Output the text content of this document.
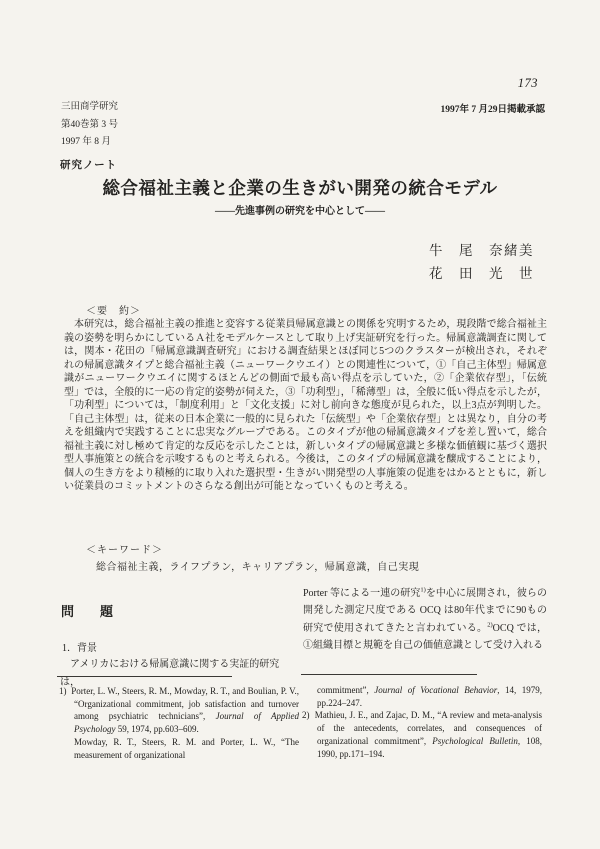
173
三田商学研究
第40巻第 3 号
1997 年 8 月
1997年 7 月29日掲載承認
研究ノート
総合福祉主義と企業の生きがい開発の統合モデル
——先進事例の研究を中心として——
牛　尾　奈緒美
花　田　光　世
＜要　約＞
本研究は，総合福祉主義の推進と変容する従業員帰属意識との関係を究明するため，現段階で総合福祉主義の姿勢を明らかにしているＡ社をモデルケースとして取り上げ実証研究を行った。帰属意識調査に関しては，関本・花田の「帰属意識調査研究」における調査結果とほぼ同じ5つのクラスターが検出され，それぞれの帰属意識タイプと総合福祉主義（ニューワークウエイ）との関連性について，①「自己主体型」帰属意識がニューワークウエイに関するほとんどの側面で最も高い得点を示していた，②「企業依存型」，「伝統型」では，全般的に一応の肯定的姿勢が伺えた，③「功利型」，「稀薄型」は，全般に低い得点を示したが，「功利型」については，「制度利用」と「文化支援」に対し前向きな態度が見られた，以上3点が判明した。「自己主体型」は，従来の日本企業に一般的に見られた「伝統型」や「企業依存型」とは異なり，自分の考えを組織内で実践することに忠実なグループである。このタイプが他の帰属意識タイプを差し置いて，総合福祉主義に対し極めて肯定的な反応を示したことは，新しいタイプの帰属意識と多様な価値観に基づく選択型人事施策との統合を示唆するものと考えられる。今後は，このタイプの帰属意識を醸成することにより，個人の生き方をより積極的に取り入れた選択型・生きがい開発型の人事施策の促進をはかるとともに，新しい従業員のコミットメントのさらなる創出が可能となっていくものと考える。
＜キーワード＞
総合福祉主義，ライフプラン，キャリアプラン，帰属意識，自己実現
問　　題
1．背景

アメリカにおける帰属意識に関する実証的研究は，

Porter 等による一連の研究$^{1)}$を中心に展開され，彼らの開発した測定尺度である OCQ は80年代までに90もの研究で使用されてきたと言われている。$^{2)}$OCQ では，①組織目標と規範を自己の価値意識として受け入れる

1) Porter, L. W., Steers, R. M., Mowday, R. T., and Boulian, P. V., “Organizational commitment, job satisfaction and turnover among psychiatric technicians”, Journal of Applied Psychology 59, 1974, pp.603–609.

Mowday, R. T., Steers, R. M. and Porter, L. W., “The measurement of organizational

commitment”, Journal of Vocational Behavior, 14, 1979, pp.224–247.

2) Mathieu, J. E., and Zajac, D. M., “A review and meta-analysis of the antecedents, correlates, and consequences of organizational commitment”, Psychological Bulletin, 108, 1990, pp.171–194.
